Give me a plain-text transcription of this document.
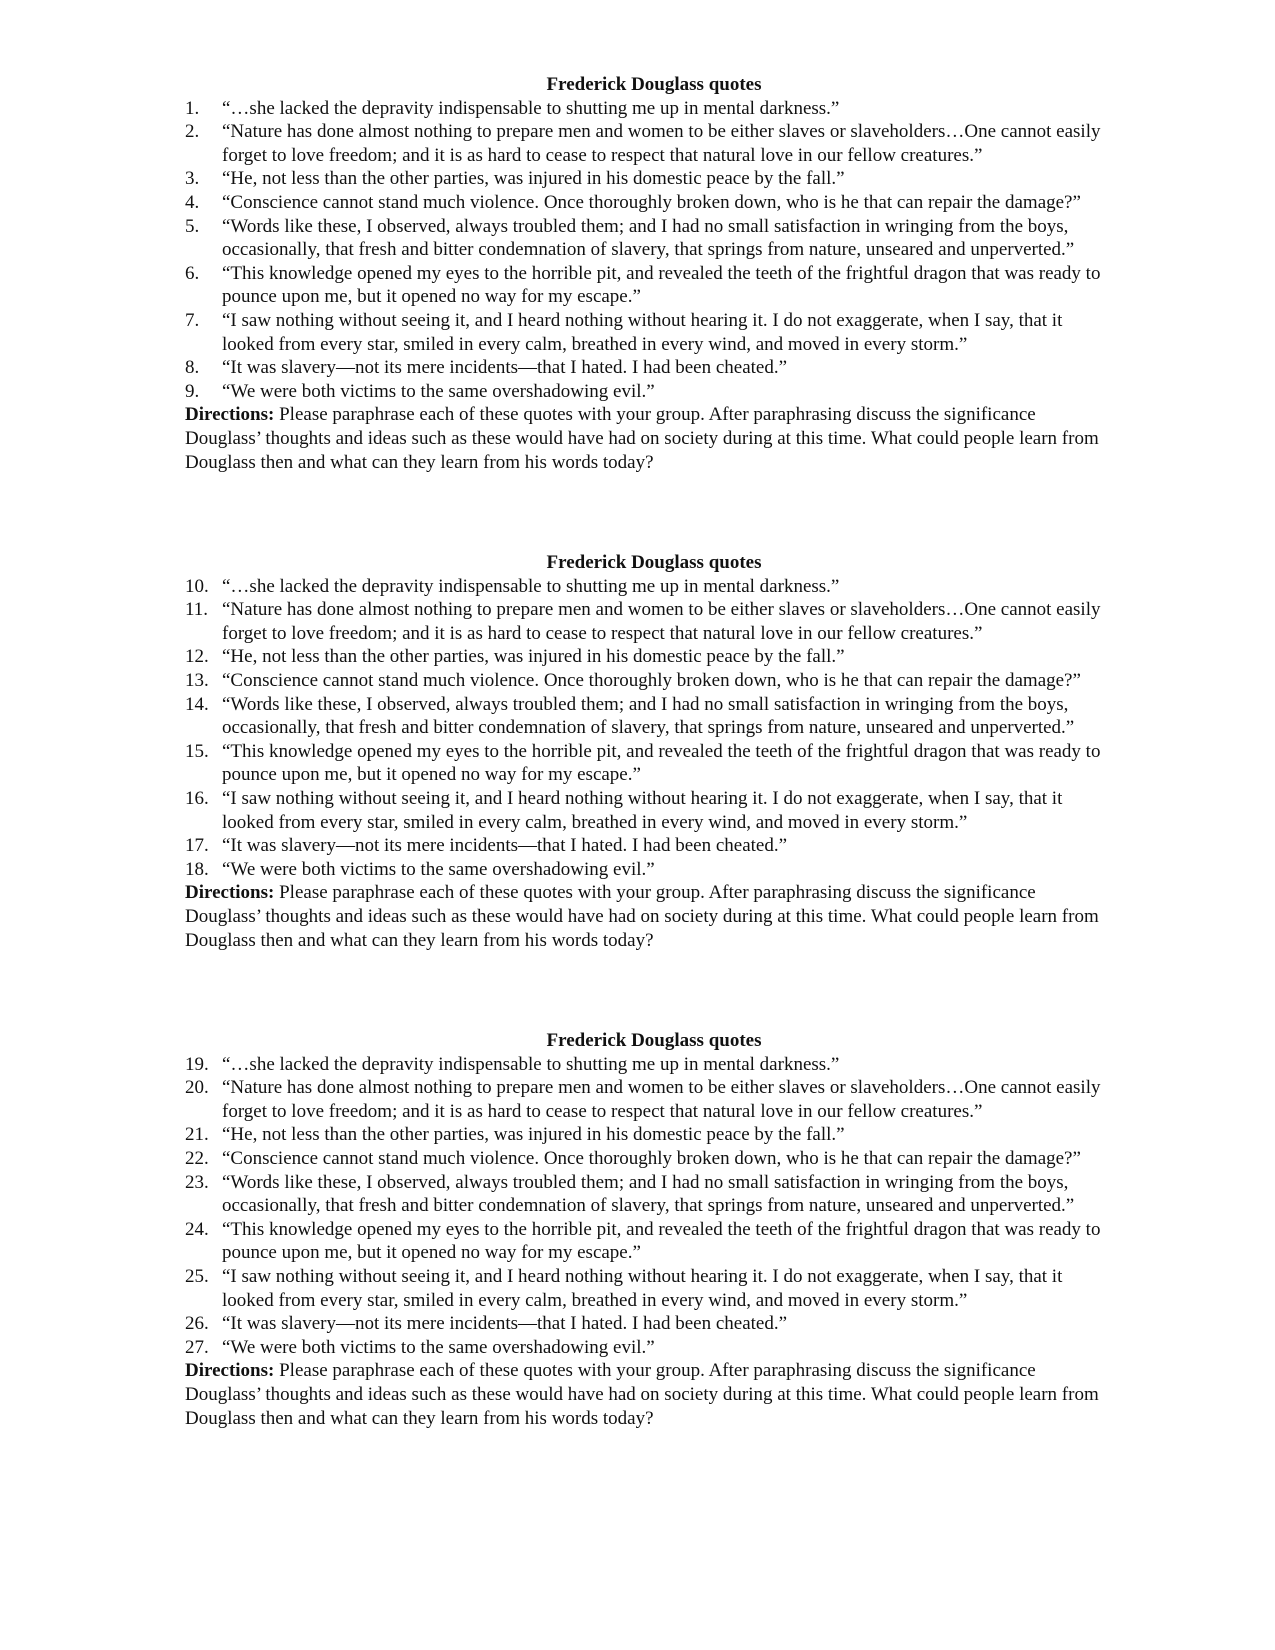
Frederick Douglass quotes
1. “…she lacked the depravity indispensable to shutting me up in mental darkness.”
2. “Nature has done almost nothing to prepare men and women to be either slaves or slaveholders…One cannot easily forget to love freedom; and it is as hard to cease to respect that natural love in our fellow creatures.”
3. “He, not less than the other parties, was injured in his domestic peace by the fall.”
4. “Conscience cannot stand much violence. Once thoroughly broken down, who is he that can repair the damage?”
5. “Words like these, I observed, always troubled them; and I had no small satisfaction in wringing from the boys, occasionally, that fresh and bitter condemnation of slavery, that springs from nature, unseared and unperverted.”
6. “This knowledge opened my eyes to the horrible pit, and revealed the teeth of the frightful dragon that was ready to pounce upon me, but it opened no way for my escape.”
7. “I saw nothing without seeing it, and I heard nothing without hearing it. I do not exaggerate, when I say, that it looked from every star, smiled in every calm, breathed in every wind, and moved in every storm.”
8. “It was slavery—not its mere incidents—that I hated. I had been cheated.”
9. “We were both victims to the same overshadowing evil.”

Directions: Please paraphrase each of these quotes with your group. After paraphrasing discuss the significance Douglass’ thoughts and ideas such as these would have had on society during at this time. What could people learn from Douglass then and what can they learn from his words today?

Frederick Douglass quotes
10. “…she lacked the depravity indispensable to shutting me up in mental darkness.”
11. “Nature has done almost nothing to prepare men and women to be either slaves or slaveholders…One cannot easily forget to love freedom; and it is as hard to cease to respect that natural love in our fellow creatures.”
12. “He, not less than the other parties, was injured in his domestic peace by the fall.”
13. “Conscience cannot stand much violence. Once thoroughly broken down, who is he that can repair the damage?”
14. “Words like these, I observed, always troubled them; and I had no small satisfaction in wringing from the boys, occasionally, that fresh and bitter condemnation of slavery, that springs from nature, unseared and unperverted.”
15. “This knowledge opened my eyes to the horrible pit, and revealed the teeth of the frightful dragon that was ready to pounce upon me, but it opened no way for my escape.”
16. “I saw nothing without seeing it, and I heard nothing without hearing it. I do not exaggerate, when I say, that it looked from every star, smiled in every calm, breathed in every wind, and moved in every storm.”
17. “It was slavery—not its mere incidents—that I hated. I had been cheated.”
18. “We were both victims to the same overshadowing evil.”

Directions: Please paraphrase each of these quotes with your group. After paraphrasing discuss the significance Douglass’ thoughts and ideas such as these would have had on society during at this time. What could people learn from Douglass then and what can they learn from his words today?

Frederick Douglass quotes
19. “…she lacked the depravity indispensable to shutting me up in mental darkness.”
20. “Nature has done almost nothing to prepare men and women to be either slaves or slaveholders…One cannot easily forget to love freedom; and it is as hard to cease to respect that natural love in our fellow creatures.”
21. “He, not less than the other parties, was injured in his domestic peace by the fall.”
22. “Conscience cannot stand much violence. Once thoroughly broken down, who is he that can repair the damage?”
23. “Words like these, I observed, always troubled them; and I had no small satisfaction in wringing from the boys, occasionally, that fresh and bitter condemnation of slavery, that springs from nature, unseared and unperverted.”
24. “This knowledge opened my eyes to the horrible pit, and revealed the teeth of the frightful dragon that was ready to pounce upon me, but it opened no way for my escape.”
25. “I saw nothing without seeing it, and I heard nothing without hearing it. I do not exaggerate, when I say, that it looked from every star, smiled in every calm, breathed in every wind, and moved in every storm.”
26. “It was slavery—not its mere incidents—that I hated. I had been cheated.”
27. “We were both victims to the same overshadowing evil.”

Directions: Please paraphrase each of these quotes with your group. After paraphrasing discuss the significance Douglass’ thoughts and ideas such as these would have had on society during at this time. What could people learn from Douglass then and what can they learn from his words today?
